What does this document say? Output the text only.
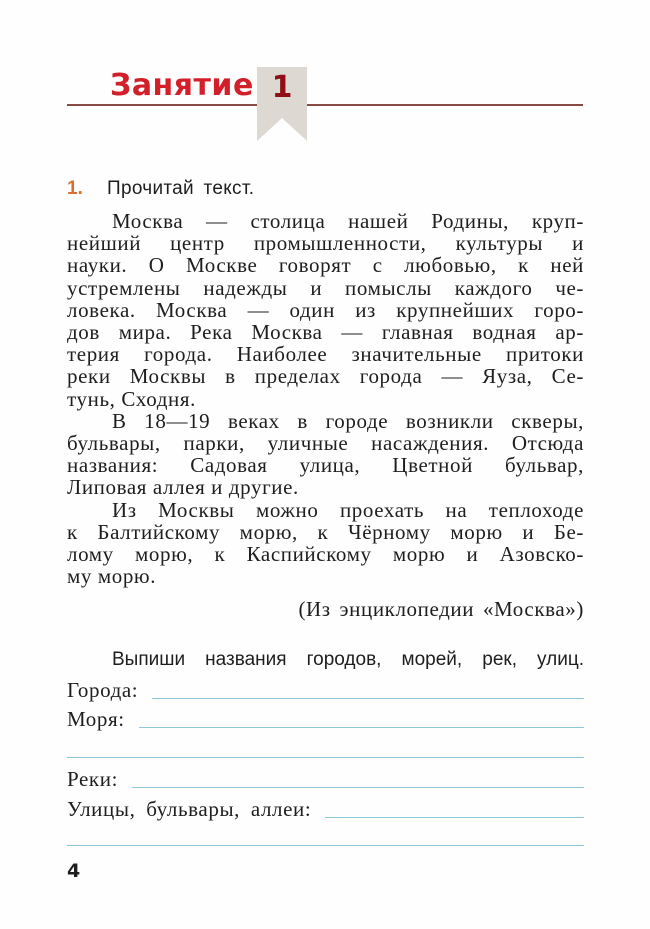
Занятие 1
1. Прочитай текст.
Москва — столица нашей Родины, круп-
нейший центр промышленности, культуры и
науки. О Москве говорят с любовью, к ней
устремлены надежды и помыслы каждого че-
ловека. Москва — один из крупнейших горо-
дов мира. Река Москва — главная водная ар-
терия города. Наиболее значительные притоки
реки Москвы в пределах города — Яуза, Се-
тунь, Сходня.
В 18—19 веках в городе возникли скверы,
бульвары, парки, уличные насаждения. Отсюда
названия: Садовая улица, Цветной бульвар,
Липовая аллея и другие.
Из Москвы можно проехать на теплоходе
к Балтийскому морю, к Чёрному морю и Бе-
лому морю, к Каспийскому морю и Азовско-
му морю.
(Из энциклопедии «Москва»)
Выпиши названия городов, морей, рек, улиц.
Города:
Моря:
Реки:
Улицы, бульвары, аллеи:
4
